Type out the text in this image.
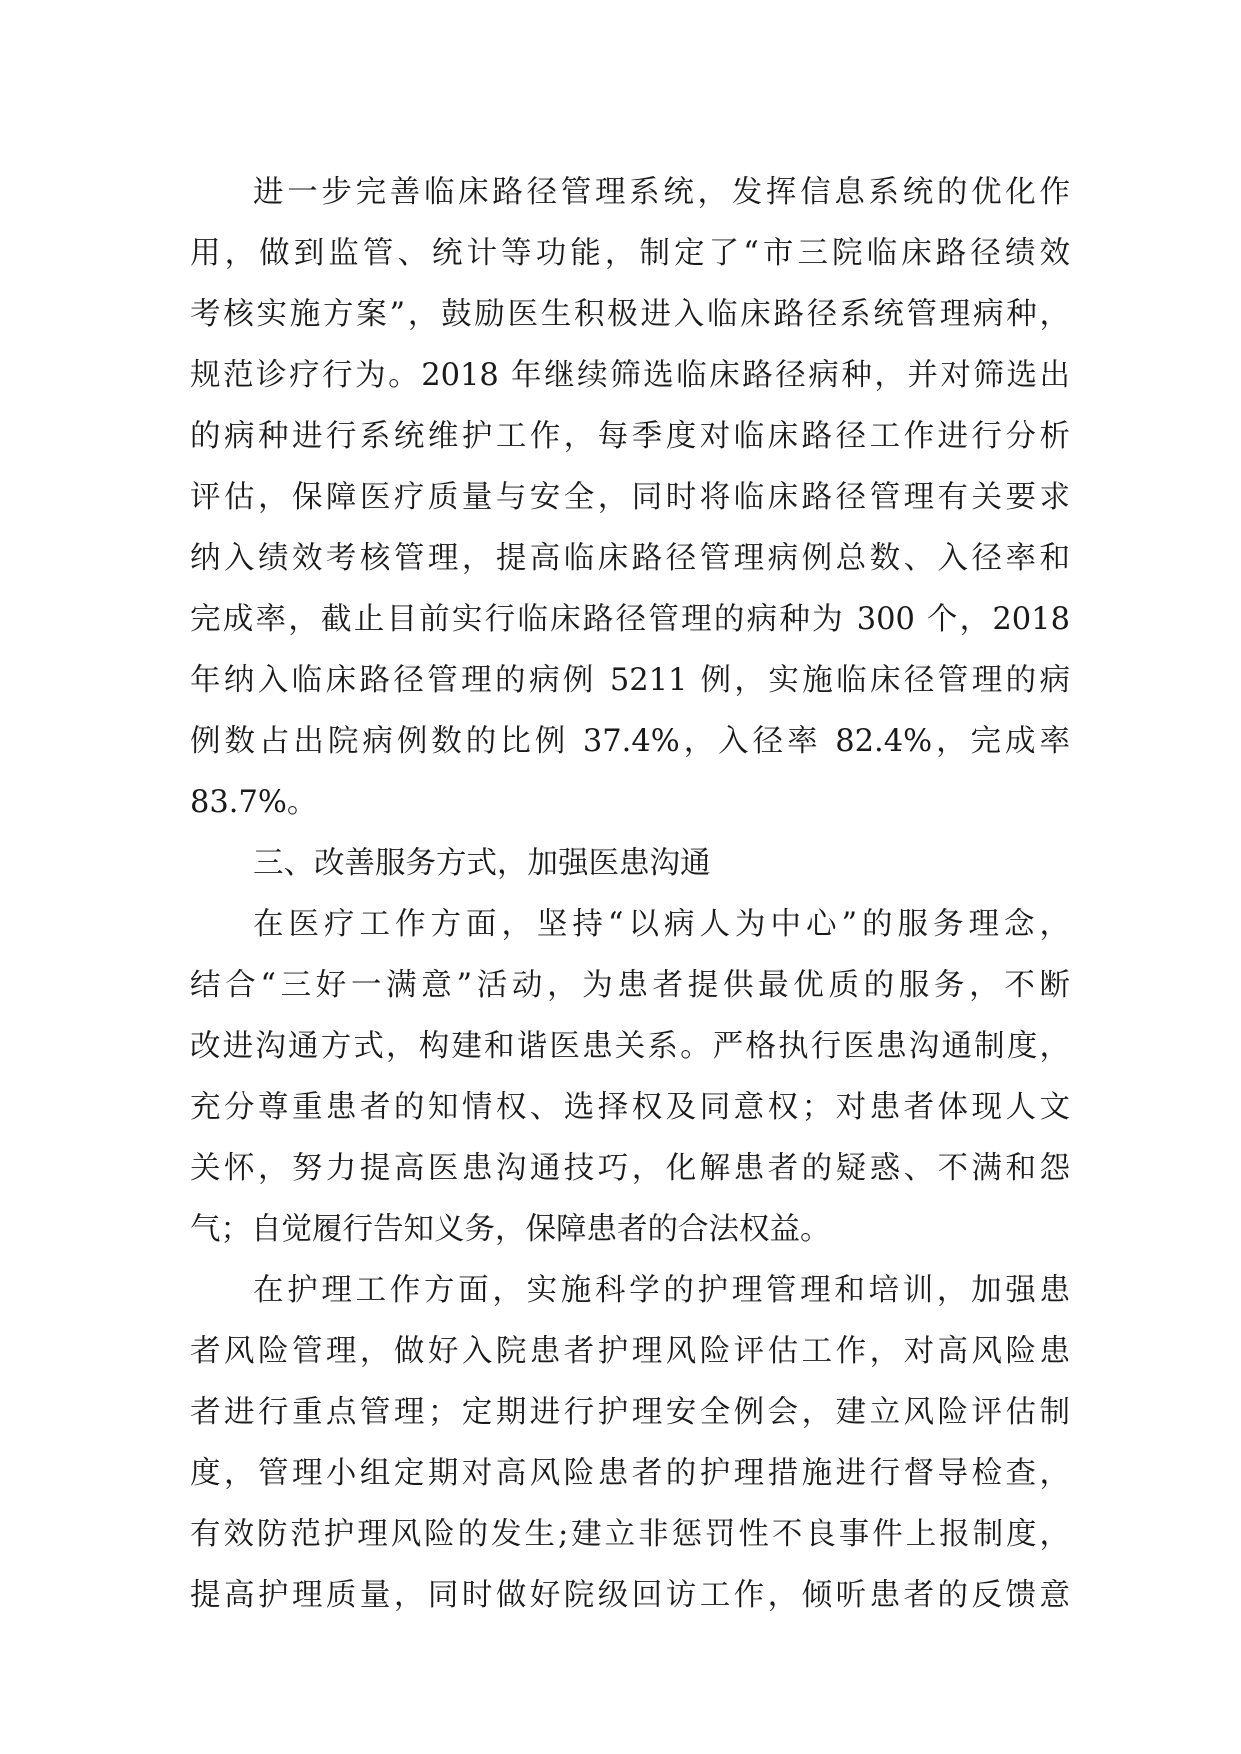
进一步完善临床路径管理系统，发挥信息系统的优化作
用，做到监管、统计等功能，制定了“市三院临床路径绩效
考核实施方案”，鼓励医生积极进入临床路径系统管理病种，
规范诊疗行为。2018 年继续筛选临床路径病种，并对筛选出
的病种进行系统维护工作，每季度对临床路径工作进行分析
评估，保障医疗质量与安全，同时将临床路径管理有关要求
纳入绩效考核管理，提高临床路径管理病例总数、入径率和
完成率，截止目前实行临床路径管理的病种为 300 个，2018
年纳入临床路径管理的病例 5211 例，实施临床径管理的病
例数占出院病例数的比例 37.4%，入径率 82.4%，完成率
83.7%。
三、改善服务方式，加强医患沟通
在医疗工作方面，坚持“以病人为中心”的服务理念，
结合“三好一满意”活动，为患者提供最优质的服务，不断
改进沟通方式，构建和谐医患关系。严格执行医患沟通制度，
充分尊重患者的知情权、选择权及同意权；对患者体现人文
关怀，努力提高医患沟通技巧，化解患者的疑惑、不满和怨
气；自觉履行告知义务，保障患者的合法权益。
在护理工作方面，实施科学的护理管理和培训，加强患
者风险管理，做好入院患者护理风险评估工作，对高风险患
者进行重点管理；定期进行护理安全例会，建立风险评估制
度，管理小组定期对高风险患者的护理措施进行督导检查，
有效防范护理风险的发生;建立非惩罚性不良事件上报制度，
提高护理质量，同时做好院级回访工作，倾听患者的反馈意
